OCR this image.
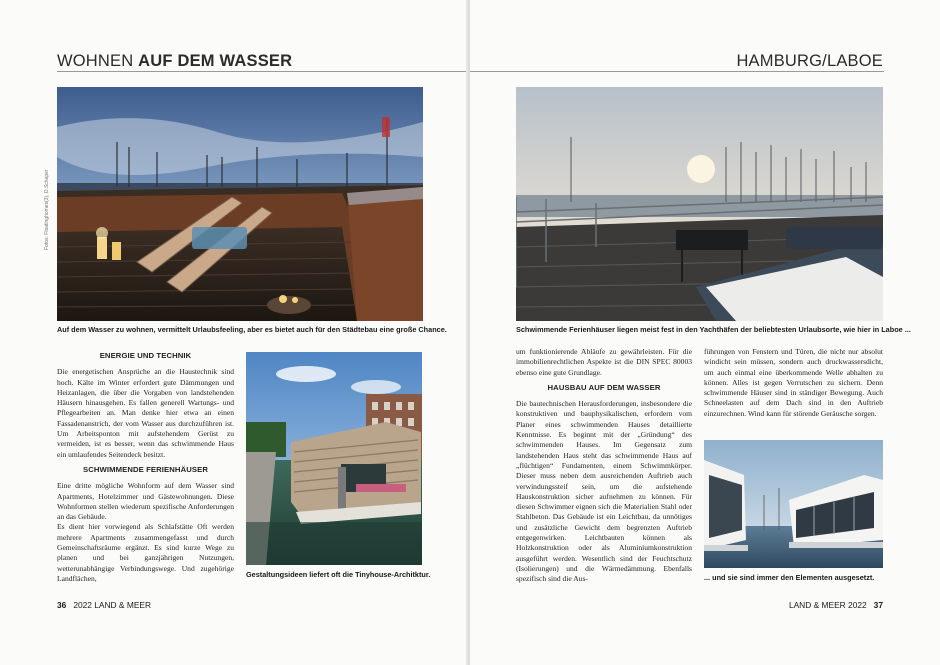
WOHNEN AUF DEM WASSER
Fotos: Floatinghomes(3), D.Schaper
Auf dem Wasser zu wohnen, vermittelt Urlaubsfeeling, aber es bietet auch für den Städtebau eine große Chance.
ENERGIE UND TECHNIK

Die energetischen Ansprüche an die Haustechnik sind hoch. Kälte im Winter erfordert gute Dämmungen und Heizanlagen, die über die Vorgaben von landstehenden Häusern hinausgehen. Es fallen generell Wartungs- und Pflegearbeiten an. Man denke hier etwa an einen Fassadenanstrich, der vom Wasser aus durchzuführen ist. Um Arbeitsponton mit aufstehendem Gerüst zu vermeiden, ist es besser, wenn das schwimmende Haus ein umlaufendes Seitendeck besitzt.

SCHWIMMENDE FERIENHÄUSER

Eine dritte mögliche Wohnform auf dem Wasser sind Apartments, Hotelzimmer und Gästewohnungen. Diese Wohnformen stellen wiederum spezifische Anforderungen an das Gebäude.

Es dient hier vorwiegend als Schlafstätte Oft werden mehrere Apartments zusammengefasst und durch Gemeinschaftsräume ergänzt. Es sind kurze Wege zu planen und bei ganzjährigen Nutzungen, wetterunabhängige Verbindungswege. Und zugehörige Landflächen,	Gestaltungsideen liefert oft die Tinyhouse-Architktur.
36 2022 LAND & MEER
HAMBURG/LABOE
Schwimmende Ferienhäuser liegen meist fest in den Yachthäfen der beliebtesten Urlaubsorte, wie hier in Laboe ...

um funktionierende Abläufe zu gewährleisten. Für die immobilienrechtlichen Aspekte ist die DIN SPEC 80003 ebenso eine gute Grundlage.

HAUSBAU AUF DEM WASSER

Die bautechnischen Herausforderungen, insbesondere die konstruktiven und bauphysikalischen, erfordern vom Planer eines schwimmenden Hauses detaillierte Kenntnisse. Es beginnt mit der „Gründung“ des schwimmenden Hauses. Im Gegensatz zum landstehenden Haus steht das schwimmende Haus auf „flüchtigen“ Fundamenten, einem Schwimmkörper. Dieser muss neben dem ausreichenden Auftrieb auch verwindungssteif sein, um die aufstehende Hauskonstruktion sicher aufnehmen zu können. Für diesen Schwimmer eignen sich die Materialien Stahl oder Stahlbeton. Das Gebäude ist ein Leichtbau, da unnötiges und zusätzliche Gewicht dem begrenzten Auftrieb entgegenwirken. Leichtbauten können als Holzkonstruktion oder als Aluminiumkonstruktion ausgeführt werden. Wesentlich sind der Feuchtschutz (Isolierungen) und die Wärmedämmung. Ebenfalls spezifisch sind die Aus-

führungen von Fenstern und Türen, die nicht nur absolut windicht sein müssen, sondern auch druckwassersdicht, um auch einmal eine überkommende Welle abhalten zu können. Alles ist gegen Verrutschen zu sichern. Denn schwimmende Häuser sind in ständiger Bewegung. Auch Schneelasten auf dem Dach sind in den Auftrieb einzurechnen. Wind kann für störende Geräusche sorgen.

... und sie sind immer den Elementen ausgesetzt.
LAND & MEER 2022 37
